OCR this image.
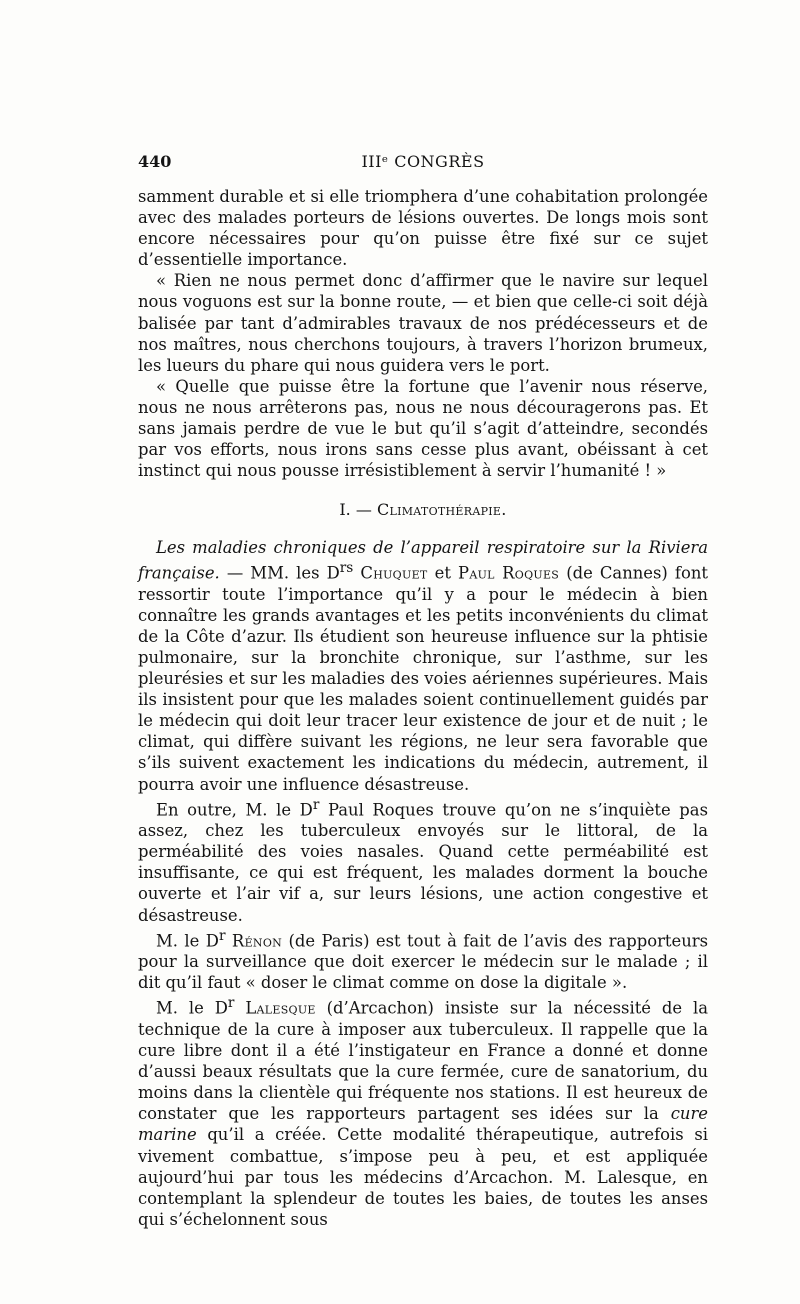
440	IIIᵉ CONGRÈS

samment durable et si elle triomphera d’une cohabitation prolongée avec des malades porteurs de lésions ouvertes. De longs mois sont encore nécessaires pour qu’on puisse être fixé sur ce sujet d’essentielle importance.

« Rien ne nous permet donc d’affirmer que le navire sur lequel nous voguons est sur la bonne route, — et bien que celle-ci soit déjà balisée par tant d’admirables travaux de nos prédécesseurs et de nos maîtres, nous cherchons toujours, à travers l’horizon brumeux, les lueurs du phare qui nous guidera vers le port.

« Quelle que puisse être la fortune que l’avenir nous réserve, nous ne nous arrêterons pas, nous ne nous découragerons pas. Et sans jamais perdre de vue le but qu’il s’agit d’atteindre, secondés par vos efforts, nous irons sans cesse plus avant, obéissant à cet instinct qui nous pousse irrésistiblement à servir l’humanité ! »

I. — Climatothérapie.

Les maladies chroniques de l’appareil respiratoire sur la Riviera française. — MM. les $D^{rs}$ Chuquet et Paul Roques (de Cannes) font ressortir toute l’importance qu’il y a pour le médecin à bien connaître les grands avantages et les petits inconvénients du climat de la Côte d’azur. Ils étudient son heureuse influence sur la phtisie pulmonaire, sur la bronchite chronique, sur l’asthme, sur les pleurésies et sur les maladies des voies aériennes supérieures. Mais ils insistent pour que les malades soient continuellement guidés par le médecin qui doit leur tracer leur existence de jour et de nuit ; le climat, qui diffère suivant les régions, ne leur sera favorable que s’ils suivent exactement les indications du médecin, autrement, il pourra avoir une influence désastreuse.

En outre, M. le $D^r$ Paul Roques trouve qu’on ne s’inquiète pas assez, chez les tuberculeux envoyés sur le littoral, de la perméabilité des voies nasales. Quand cette perméabilité est insuffisante, ce qui est fréquent, les malades dorment la bouche ouverte et l’air vif a, sur leurs lésions, une action congestive et désastreuse.

M. le $D^r$ Rénon (de Paris) est tout à fait de l’avis des rapporteurs pour la surveillance que doit exercer le médecin sur le malade ; il dit qu’il faut « doser le climat comme on dose la digitale ».

M. le $D^r$ Lalesque (d’Arcachon) insiste sur la nécessité de la technique de la cure à imposer aux tuberculeux. Il rappelle que la cure libre dont il a été l’instigateur en France a donné et donne d’aussi beaux résultats que la cure fermée, cure de sanatorium, du moins dans la clientèle qui fréquente nos stations. Il est heureux de constater que les rapporteurs partagent ses idées sur la cure marine qu’il a créée. Cette modalité thérapeutique, autrefois si vivement combattue, s’impose peu à peu, et est appliquée aujourd’hui par tous les médecins d’Arcachon. M. Lalesque, en contemplant la splendeur de toutes les baies, de toutes les anses qui s’échelonnent sous
